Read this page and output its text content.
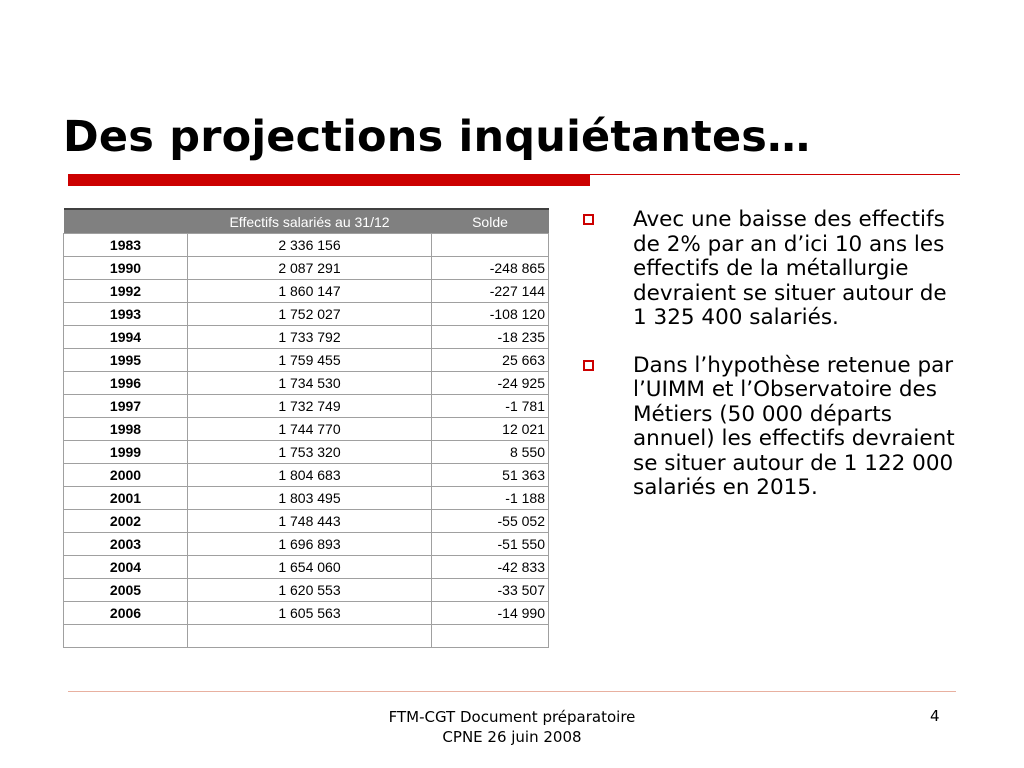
Des projections inquiétantes…
	Effectifs salariés au 31/12	Solde
1983	2 336 156	
1990	2 087 291	-248 865
1992	1 860 147	-227 144
1993	1 752 027	-108 120
1994	1 733 792	-18 235
1995	1 759 455	25 663
1996	1 734 530	-24 925
1997	1 732 749	-1 781
1998	1 744 770	12 021
1999	1 753 320	8 550
2000	1 804 683	51 363
2001	1 803 495	-1 188
2002	1 748 443	-55 052
2003	1 696 893	-51 550
2004	1 654 060	-42 833
2005	1 620 553	-33 507
2006	1 605 563	-14 990

Avec une baisse des effectifs de 2% par an d’ici 10 ans les effectifs de la métallurgie devraient se situer autour de 1 325 400 salariés.
Dans l’hypothèse retenue par l’UIMM et l’Observatoire des Métiers (50 000 départs annuel) les effectifs devraient se situer autour de 1 122 000 salariés en 2015.
FTM-CGT Document préparatoire
CPNE 26 juin 2008
4
